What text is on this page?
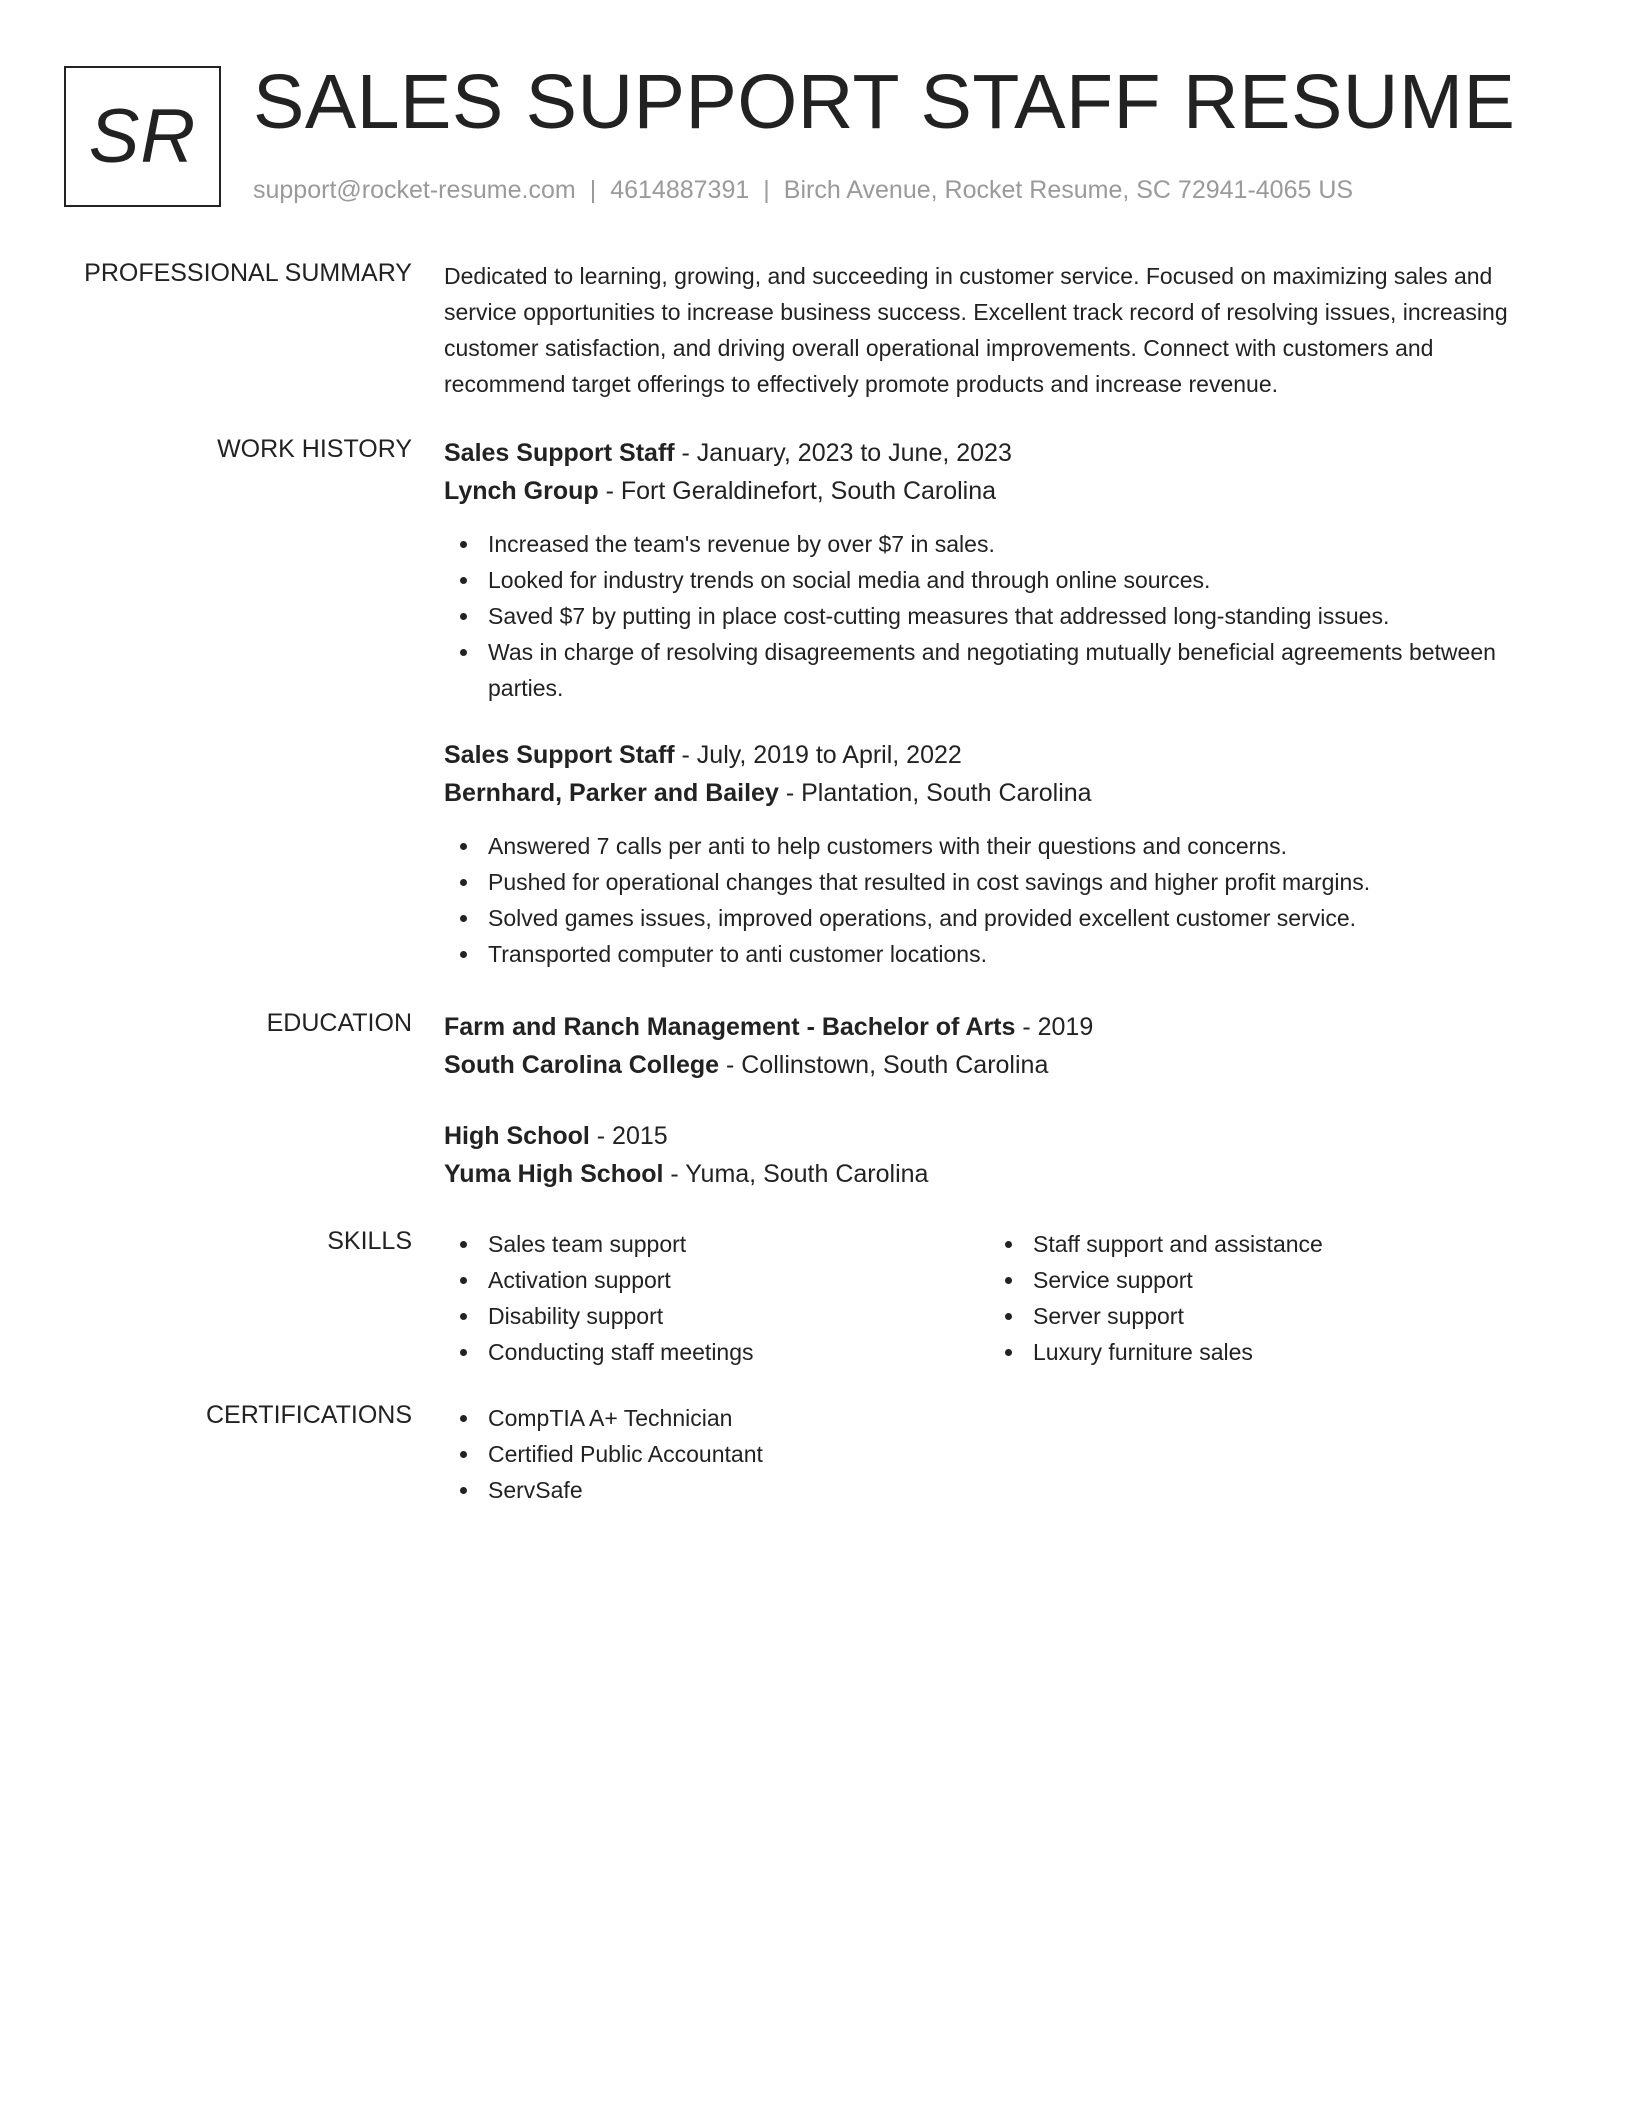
SR SALES SUPPORT STAFF RESUME
support@rocket-resume.com | 4614887391 | Birch Avenue, Rocket Resume, SC 72941-4065 US
PROFESSIONAL SUMMARY Dedicated to learning, growing, and succeeding in customer service. Focused on maximizing sales and service opportunities to increase business success. Excellent track record of resolving issues, increasing customer satisfaction, and driving overall operational improvements. Connect with customers and recommend target offerings to effectively promote products and increase revenue.

WORK HISTORY Sales Support Staff - January, 2023 to June, 2023
Lynch Group - Fort Geraldinefort, South Carolina
Increased the team's revenue by over $7 in sales.
Looked for industry trends on social media and through online sources.
Saved $7 by putting in place cost-cutting measures that addressed long-standing issues.
Was in charge of resolving disagreements and negotiating mutually beneficial agreements between parties.
Sales Support Staff - July, 2019 to April, 2022
Bernhard, Parker and Bailey - Plantation, South Carolina
Answered 7 calls per anti to help customers with their questions and concerns.
Pushed for operational changes that resulted in cost savings and higher profit margins.
Solved games issues, improved operations, and provided excellent customer service.
Transported computer to anti customer locations.
EDUCATION Farm and Ranch Management - Bachelor of Arts - 2019
South Carolina College - Collinstown, South Carolina
High School - 2015
Yuma High School - Yuma, South Carolina
SKILLS	Sales team support
Activation support
Disability support
Conducting staff meetings
Staff support and assistance
Service support
Server support
Luxury furniture sales
CERTIFICATIONS	CompTIA A+ Technician
Certified Public Accountant
ServSafe
